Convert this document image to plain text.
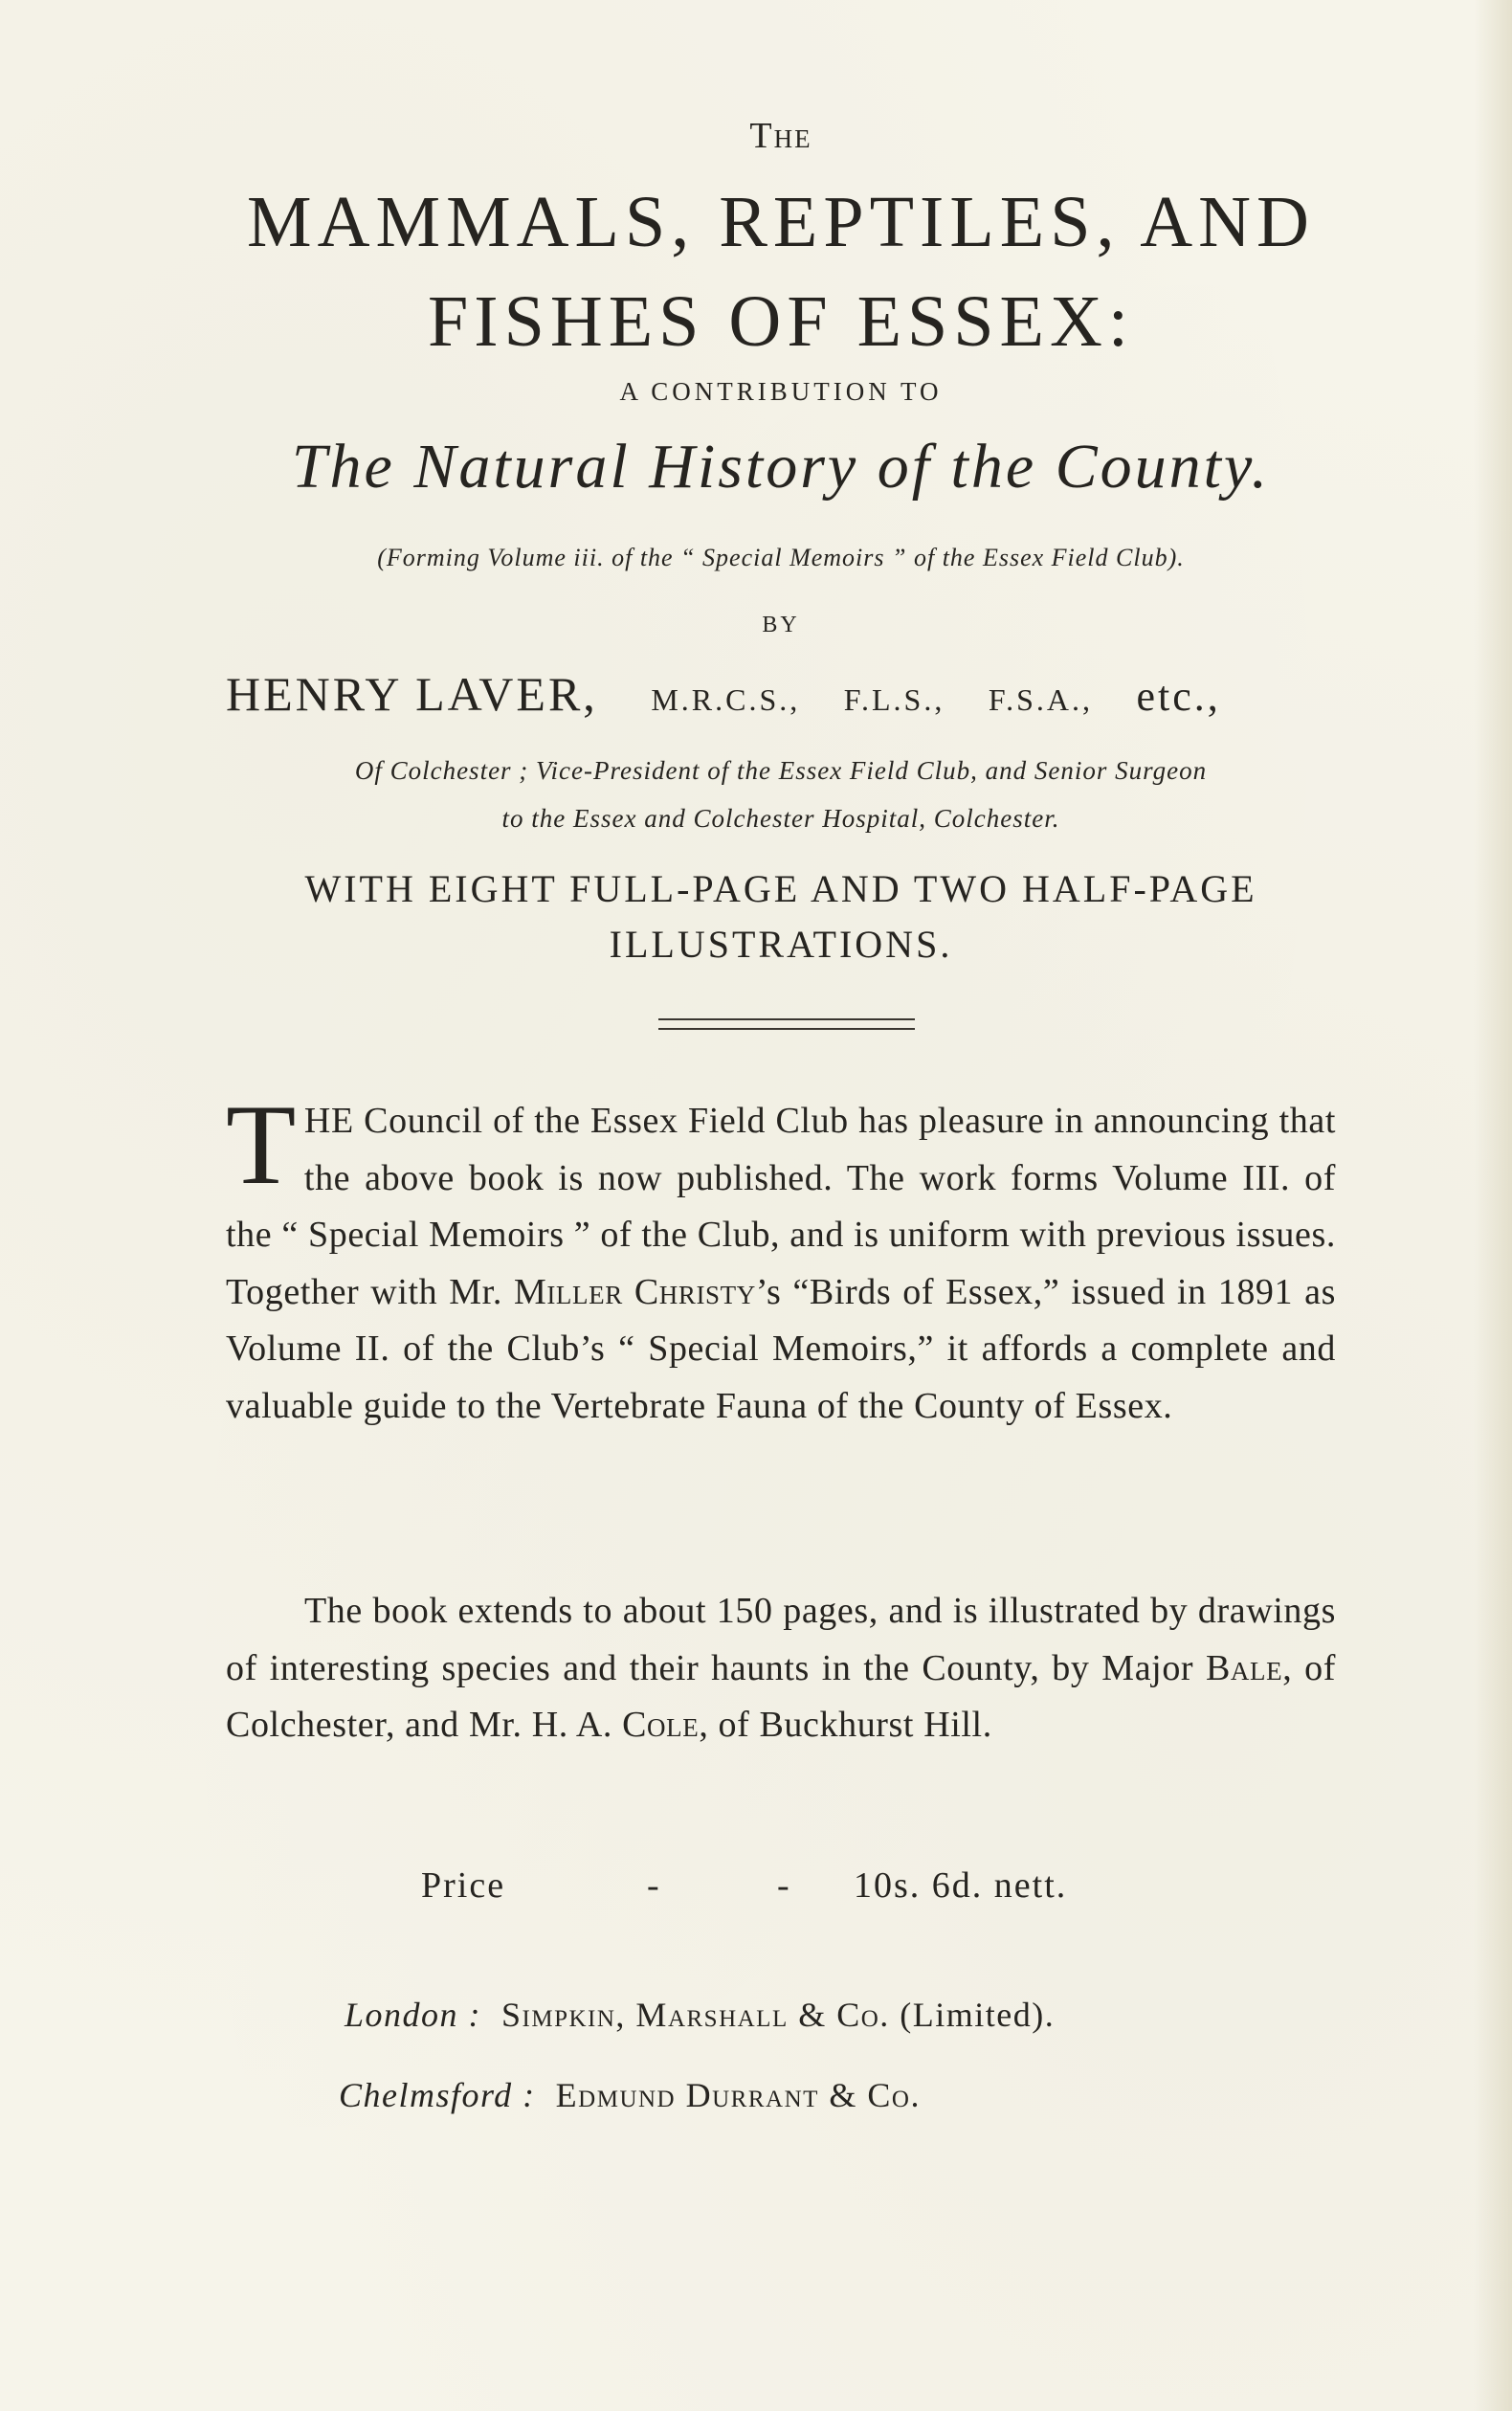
The
MAMMALS, REPTILES, AND
FISHES OF ESSEX:
A CONTRIBUTION TO
The Natural History of the County.
(Forming Volume iii. of the “ Special Memoirs ” of the Essex Field Club).
BY
HENRY LAVER, M.R.C.S., F.L.S., F.S.A., etc.,
Of Colchester ; Vice-President of the Essex Field Club, and Senior Surgeon
to the Essex and Colchester Hospital, Colchester.
WITH EIGHT FULL-PAGE AND TWO HALF-PAGE
ILLUSTRATIONS.

THE Council of the Essex Field Club has pleasure in announcing that the above book is now published. The work forms Volume III. of the “ Special Memoirs ” of the Club, and is uniform with previous issues. Together with Mr. Miller Christy’s “Birds of Essex,” issued in 1891 as Volume II. of the Club’s “ Special Memoirs,” it affords a complete and valuable guide to the Vertebrate Fauna of the County of Essex.

The book extends to about 150 pages, and is illustrated by drawings of interesting species and their haunts in the County, by Major Bale, of Colchester, and Mr. H. A. Cole, of Buckhurst Hill.

Price	-	- 10s. 6d. nett.
London : Simpkin, Marshall & Co. (Limited).
Chelmsford : Edmund Durrant & Co.
